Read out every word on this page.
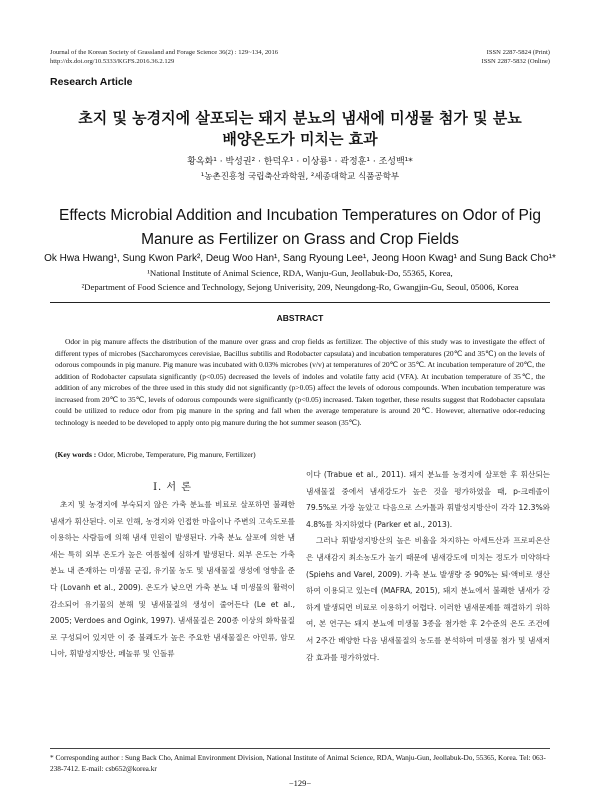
Journal of the Korean Society of Grassland and Forage Science 36(2) : 129~134, 2016
http://dx.doi.org/10.5333/KGFS.2016.36.2.129
ISSN 2287-5824 (Print)
ISSN 2287-5832 (Online)
Research Article
초지 및 농경지에 살포되는 돼지 분뇨의 냄새에 미생물 첨가 및 분뇨
배양온도가 미치는 효과
황옥화¹ · 박성권² · 한덕우¹ · 이상룡¹ · 곽정훈¹ · 조성백¹*
¹농촌진흥청 국립축산과학원, ²세종대학교 식품공학부
Effects Microbial Addition and Incubation Temperatures on Odor of Pig
Manure as Fertilizer on Grass and Crop Fields
Ok Hwa Hwang¹, Sung Kwon Park², Deug Woo Han¹, Sang Ryoung Lee¹, Jeong Hoon Kwag¹ and Sung Back Cho¹*
¹National Institute of Animal Science, RDA, Wanju-Gun, Jeollabuk-Do, 55365, Korea,
²Department of Food Science and Technology, Sejong Univerisity, 209, Neungdong-Ro, Gwangjin-Gu, Seoul, 05006, Korea
ABSTRACT
Odor in pig manure affects the distribution of the manure over grass and crop fields as fertilizer. The objective of this study was to investigate the effect of different types of microbes (Saccharomyces cerevisiae, Bacillus subtilis and Rodobacter capsulata) and incubation temperatures (20℃ and 35℃) on the levels of odorous compounds in pig manure. Pig manure was incubated with 0.03% microbes (v/v) at temperatures of 20℃ or 35℃. At incubation temperature of 20℃, the addition of Rodobacter capsulata significantly (p<0.05) decreased the levels of indoles and volatile fatty acid (VFA). At incubation temperature of 35℃, the addition of any microbes of the three used in this study did not significantly (p>0.05) affect the levels of odorous compounds. When incubation temperature was increased from 20℃ to 35℃, levels of odorous compounds were significantly (p<0.05) increased. Taken together, these results suggest that Rodobacter capsulata could be utilized to reduce odor from pig manure in the spring and fall when the average temperature is around 20℃. However, alternative odor-reducing technology is needed to be developed to apply onto pig manure during the hot summer season (35℃).
(Key words : Odor, Microbe, Temperature, Pig manure, Fertilizer)
Ⅰ. 서 론
초지 및 농경지에 부숙되지 않은 가축 분뇨를 비료로 살포하면 불쾌한 냄새가 휘산된다. 이로 인해, 농경지와 인접한 마을이나 주변의 고속도로를 이용하는 사람들에 의해 냄새 민원이 발생된다. 가축 분뇨 살포에 의한 냄새는 특히 외부 온도가 높은 여름철에 심하게 발생된다. 외부 온도는 가축 분뇨 내 존재하는 미생물 군집, 유기물 농도 및 냄새물질 생성에 영향을 준다 (Lovanh et al., 2009). 온도가 낮으면 가축 분뇨 내 미생물의 활력이 감소되어 유기물의 분해 및 냄새물질의 생성이 줄어든다 (Le et al., 2005; Verdoes and Ogink, 1997). 냄새물질은 200종 이상의 화학물질로 구성되어 있지만 이 중 불쾌도가 높은 주요한 냄새물질은 아민류, 암모니아, 휘발성지방산, 페놀류 및 인돌류
이다 (Trabue et al., 2011). 돼지 분뇨를 농경지에 살포한 후 휘산되는 냄새물질 중에서 냄새강도가 높은 것을 평가하였을 때, p-크레졸이 79.5%로 가장 높았고 다음으로 스카톨과 휘발성지방산이 각각 12.3%와 4.8%를 차지하였다 (Parker et al., 2013).
그러나 휘발성지방산의 높은 비율을 차지하는 아세트산과 프로피온산은 냄새감지 최소농도가 높기 때문에 냄새강도에 미치는 정도가 미약하다 (Spiehs and Varel, 2009). 가축 분뇨 발생량 중 90%는 퇴·액비로 생산하여 이용되고 있는데 (MAFRA, 2015), 돼지 분뇨에서 불쾌한 냄새가 강하게 발생되면 비료로 이용하기 어렵다. 이러한 냄새문제를 해결하기 위하여, 본 연구는 돼지 분뇨에 미생물 3종을 첨가한 후 2수준의 온도 조건에서 2주간 배양한 다음 냄새물질의 농도를 분석하여 미생물 첨가 및 냄새저감 효과를 평가하였다.
* Corresponding author : Sung Back Cho, Animal Environment Division, National Institute of Animal Science, RDA, Wanju-Gun, Jeollabuk-Do, 55365, Korea. Tel: 063-238-7412. E-mail: csb652@korea.kr
−129−
